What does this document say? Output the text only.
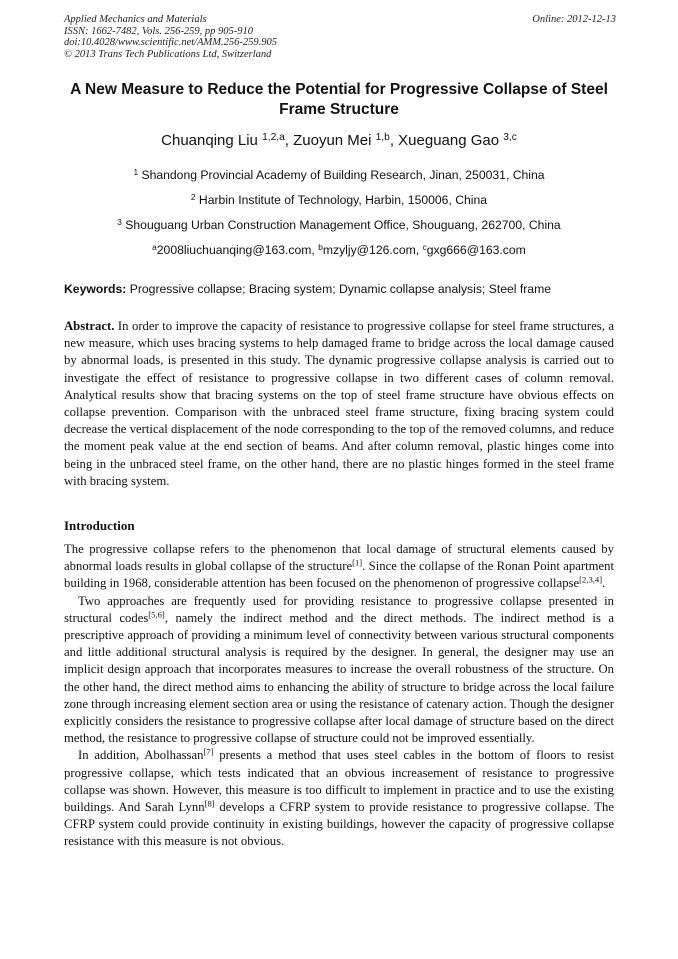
Applied Mechanics and Materials
ISSN: 1662-7482, Vols. 256-259, pp 905-910
doi:10.4028/www.scientific.net/AMM.256-259.905
© 2013 Trans Tech Publications Ltd, Switzerland
Online: 2012-12-13
A New Measure to Reduce the Potential for Progressive Collapse of Steel
Frame Structure
Chuanqing Liu $^{1,2,a}$, Zuoyun Mei $^{1,b}$, Xueguang Gao $^{3,c}$
$^1$ Shandong Provincial Academy of Building Research, Jinan, 250031, China
$^2$ Harbin Institute of Technology, Harbin, 150006, China
$^3$ Shouguang Urban Construction Management Office, Shouguang, 262700, China
$^a$2008liuchuanqing@163.com, $^b$mzyljy@126.com, $^c$gxg666@163.com
Keywords: Progressive collapse; Bracing system; Dynamic collapse analysis; Steel frame
Abstract. In order to improve the capacity of resistance to progressive collapse for steel frame structures, a new measure, which uses bracing systems to help damaged frame to bridge across the local damage caused by abnormal loads, is presented in this study. The dynamic progressive collapse analysis is carried out to investigate the effect of resistance to progressive collapse in two different cases of column removal. Analytical results show that bracing systems on the top of steel frame structure have obvious effects on collapse prevention. Comparison with the unbraced steel frame structure, fixing bracing system could decrease the vertical displacement of the node corresponding to the top of the removed columns, and reduce the moment peak value at the end section of beams. And after column removal, plastic hinges come into being in the unbraced steel frame, on the other hand, there are no plastic hinges formed in the steel frame with bracing system.
Introduction

The progressive collapse refers to the phenomenon that local damage of structural elements caused by abnormal loads results in global collapse of the structure[1]. Since the collapse of the Ronan Point apartment building in 1968, considerable attention has been focused on the phenomenon of progressive collapse[2,3,4].

Two approaches are frequently used for providing resistance to progressive collapse presented in structural codes[5,6], namely the indirect method and the direct methods. The indirect method is a prescriptive approach of providing a minimum level of connectivity between various structural components and little additional structural analysis is required by the designer. In general, the designer may use an implicit design approach that incorporates measures to increase the overall robustness of the structure. On the other hand, the direct method aims to enhancing the ability of structure to bridge across the local failure zone through increasing element section area or using the resistance of catenary action. Though the designer explicitly considers the resistance to progressive collapse after local damage of structure based on the direct method, the resistance to progressive collapse of structure could not be improved essentially.

In addition, Abolhassan[7] presents a method that uses steel cables in the bottom of floors to resist progressive collapse, which tests indicated that an obvious increasement of resistance to progressive collapse was shown. However, this measure is too difficult to implement in practice and to use the existing buildings. And Sarah Lynn[8] develops a CFRP system to provide resistance to progressive collapse. The CFRP system could provide continuity in existing buildings, however the capacity of progressive collapse resistance with this measure is not obvious.
